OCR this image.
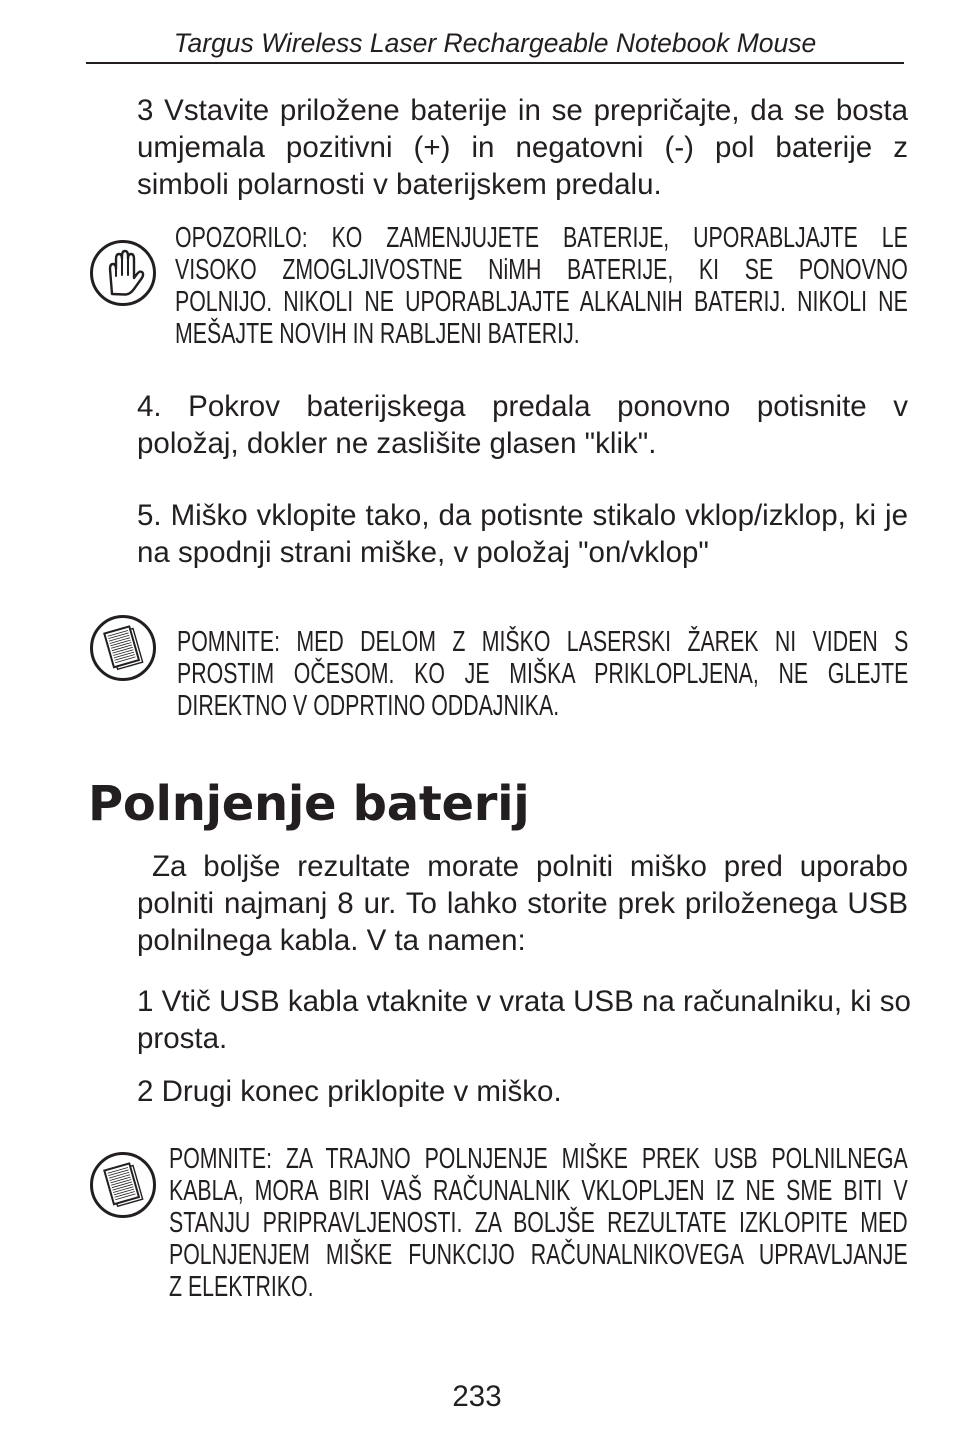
Targus Wireless Laser Rechargeable Notebook Mouse
3 Vstavite priložene baterije in se prepričajte, da se bosta
umjemala pozitivni (+) in negatovni (-) pol baterije z
simboli polarnosti v baterijskem predalu.
OPOZORILO: KO ZAMENJUJETE BATERIJE, UPORABLJAJTE LE
VISOKO ZMOGLJIVOSTNE NiMH BATERIJE, KI SE PONOVNO
POLNIJO. NIKOLI NE UPORABLJAJTE ALKALNIH BATERIJ. NIKOLI NE
MEŠAJTE NOVIH IN RABLJENI BATERIJ.
4. Pokrov baterijskega predala ponovno potisnite v
položaj, dokler ne zaslišite glasen "klik".
5. Miško vklopite tako, da potisnte stikalo vklop/izklop, ki je
na spodnji strani miške, v položaj "on/vklop"
POMNITE: MED DELOM Z MIŠKO LASERSKI ŽAREK NI VIDEN S
PROSTIM OČESOM. KO JE MIŠKA PRIKLOPLJENA, NE GLEJTE
DIREKTNO V ODPRTINO ODDAJNIKA.
Polnjenje baterij
Za boljše rezultate morate polniti miško pred uporabo
polniti najmanj 8 ur. To lahko storite prek priloženega USB
polnilnega kabla. V ta namen:
1 Vtič USB kabla vtaknite v vrata USB na računalniku, ki so
prosta.
2 Drugi konec priklopite v miško.
POMNITE: ZA TRAJNO POLNJENJE MIŠKE PREK USB POLNILNEGA
KABLA, MORA BIRI VAŠ RAČUNALNIK VKLOPLJEN IZ NE SME BITI V
STANJU PRIPRAVLJENOSTI. ZA BOLJŠE REZULTATE IZKLOPITE MED
POLNJENJEM MIŠKE FUNKCIJO RAČUNALNIKOVEGA UPRAVLJANJE
Z ELEKTRIKO.
233
